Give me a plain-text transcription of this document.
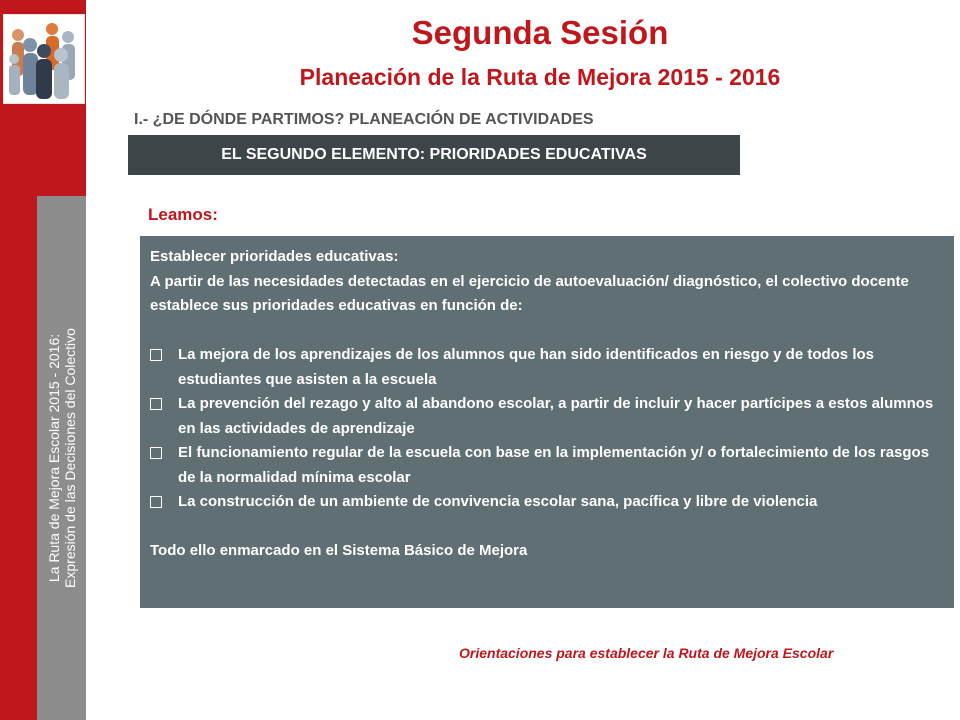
La Ruta de Mejora Escolar 2015 - 2016: Expresión de las Decisiones del Colectivo
Segunda Sesión
Planeación de la Ruta de Mejora 2015 - 2016
I.- ¿DE DÓNDE PARTIMOS? PLANEACIÓN DE ACTIVIDADES
EL SEGUNDO ELEMENTO: PRIORIDADES EDUCATIVAS
Leamos:

Establecer prioridades educativas:

A partir de las necesidades detectadas en el ejercicio de autoevaluación/ diagnóstico, el colectivo docente establece sus prioridades educativas en función de:

La mejora de los aprendizajes de los alumnos que han sido identificados en riesgo y de todos los estudiantes que asisten a la escuela
La prevención del rezago y alto al abandono escolar, a partir de incluir y hacer partícipes a estos alumnos en las actividades de aprendizaje
El funcionamiento regular de la escuela con base en la implementación y/ o fortalecimiento de los rasgos de la normalidad mínima escolar
La construcción de un ambiente de convivencia escolar sana, pacífica y libre de violencia

Todo ello enmarcado en el Sistema Básico de Mejora

Orientaciones para establecer la Ruta de Mejora Escolar
